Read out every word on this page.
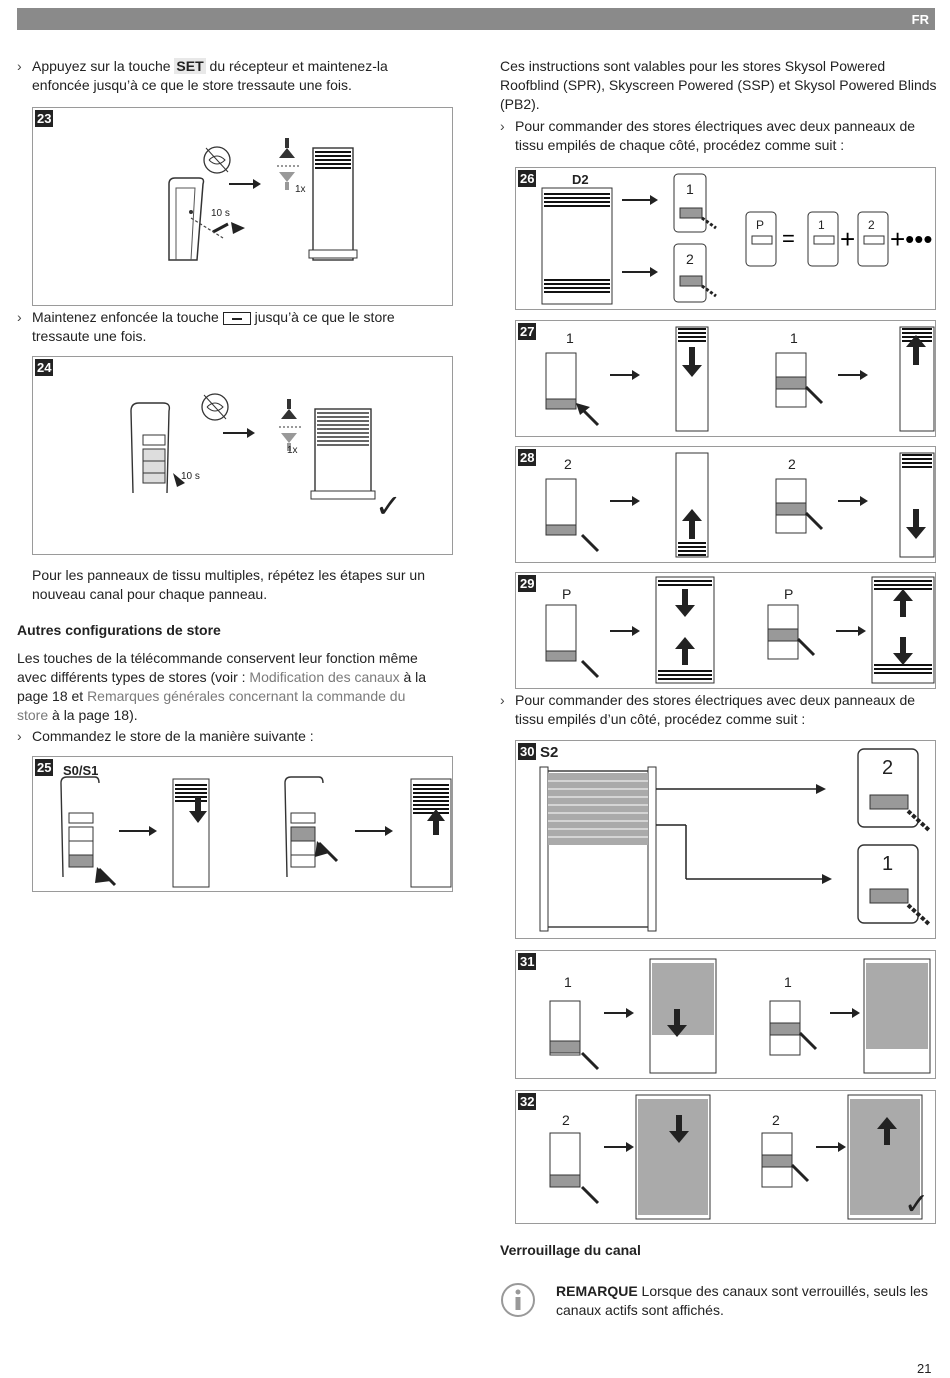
FR
› Appuyez sur la touche SET du récepteur et maintenez-la
enfoncée jusqu’à ce que le store tressaute une fois.
23
10 s
1x
› Maintenez enfoncée la touche	jusqu’à ce que le store
tressaute une fois.
24
10 s
1x
✓
Pour les panneaux de tissu multiples, répétez les étapes sur un
nouveau canal pour chaque panneau.
Autres configurations de store
Les touches de la télécommande conservent leur fonction même
avec différents types de stores (voir : Modification des canaux à la
page 18 et Remarques générales concernant la commande du
store à la page 18).
› Commandez le store de la manière suivante :
25 S0/S1
Ces instructions sont valables pour les stores Skysol Powered
Roofblind (SPR), Skyscreen Powered (SSP) et Skysol Powered Blinds
(PB2).
› Pour commander des stores électriques avec deux panneaux de
tissu empilés de chaque côté, procédez comme suit :
26	D2
= + +•••
1
2
P	1	2
27 1	1
28 2	2
29
P	P
› Pour commander des stores électriques avec deux panneaux de
tissu empilés d’un côté, procédez comme suit :
30 S2
2
1
31
1	1
32
2	2
✓
Verrouillage du canal
REMARQUE Lorsque des canaux sont verrouillés, seuls les
canaux actifs sont affichés.
21
